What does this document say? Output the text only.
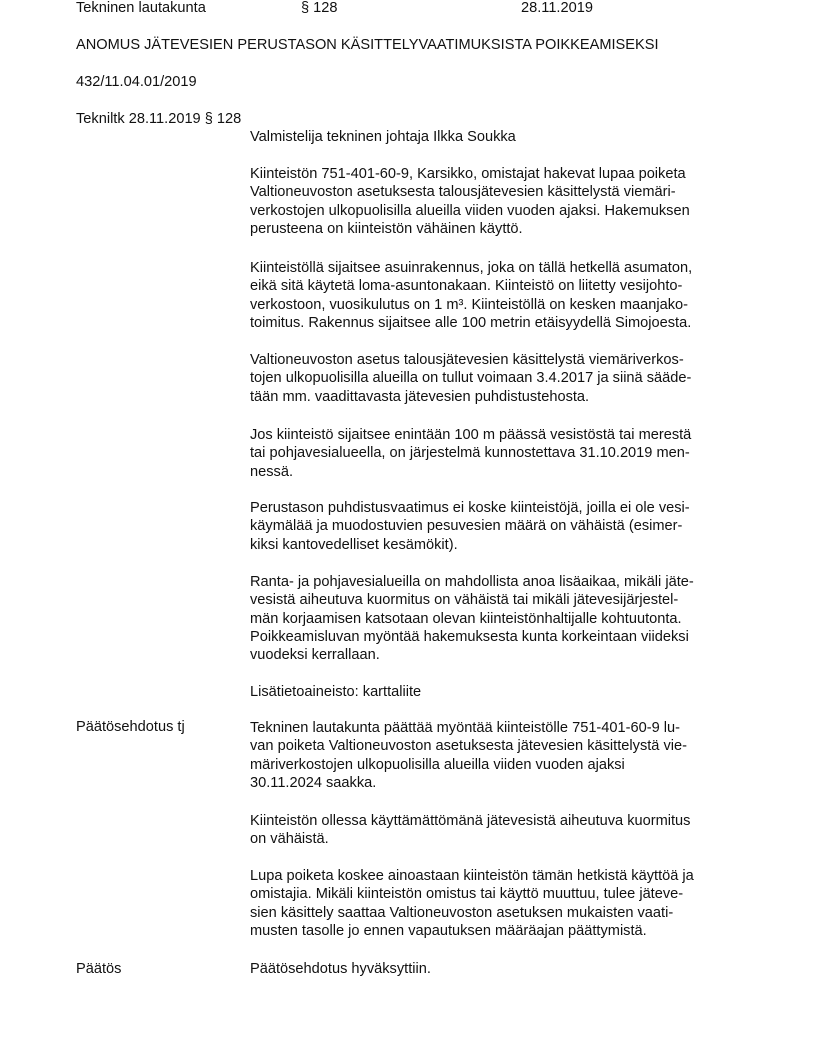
Tekninen lautakunta	§ 128	28.11.2019
ANOMUS JÄTEVESIEN PERUSTASON KÄSITTELYVAATIMUKSISTA POIKKEAMISEKSI
432/11.04.01/2019
Tekniltk 28.11.2019 § 128
Valmistelija tekninen johtaja Ilkka Soukka
Kiinteistön 751-401-60-9, Karsikko, omistajat hakevat lupaa poiketa
Valtioneuvoston asetuksesta talousjätevesien käsittelystä viemäri-
verkostojen ulkopuolisilla alueilla viiden vuoden ajaksi. Hakemuksen
perusteena on kiinteistön vähäinen käyttö.
Kiinteistöllä sijaitsee asuinrakennus, joka on tällä hetkellä asumaton,
eikä sitä käytetä loma-asuntonakaan. Kiinteistö on liitetty vesijohto-
verkostoon, vuosikulutus on 1 m³. Kiinteistöllä on kesken maanjako-
toimitus. Rakennus sijaitsee alle 100 metrin etäisyydellä Simojoesta.
Valtioneuvoston asetus talousjätevesien käsittelystä viemäriverkos-
tojen ulkopuolisilla alueilla on tullut voimaan 3.4.2017 ja siinä sääde-
tään mm. vaadittavasta jätevesien puhdistustehosta.
Jos kiinteistö sijaitsee enintään 100 m päässä vesistöstä tai merestä
tai pohjavesialueella, on järjestelmä kunnostettava 31.10.2019 men-
nessä.
Perustason puhdistusvaatimus ei koske kiinteistöjä, joilla ei ole vesi-
käymälää ja muodostuvien pesuvesien määrä on vähäistä (esimer-
kiksi kantovedelliset kesämökit).
Ranta- ja pohjavesialueilla on mahdollista anoa lisäaikaa, mikäli jäte-
vesistä aiheutuva kuormitus on vähäistä tai mikäli jätevesijärjestel-
män korjaamisen katsotaan olevan kiinteistönhaltijalle kohtuutonta.
Poikkeamisluvan myöntää hakemuksesta kunta korkeintaan viideksi
vuodeksi kerrallaan.
Lisätietoaineisto: karttaliite
Päätösehdotus tj	Tekninen lautakunta päättää myöntää kiinteistölle 751-401-60-9 lu-
van poiketa Valtioneuvoston asetuksesta jätevesien käsittelystä vie-
märiverkostojen ulkopuolisilla alueilla viiden vuoden ajaksi
30.11.2024 saakka.
Kiinteistön ollessa käyttämättömänä jätevesistä aiheutuva kuormitus
on vähäistä.
Lupa poiketa koskee ainoastaan kiinteistön tämän hetkistä käyttöä ja
omistajia. Mikäli kiinteistön omistus tai käyttö muuttuu, tulee jäteve-
sien käsittely saattaa Valtioneuvoston asetuksen mukaisten vaati-
musten tasolle jo ennen vapautuksen määräajan päättymistä.
Päätös	Päätösehdotus hyväksyttiin.
